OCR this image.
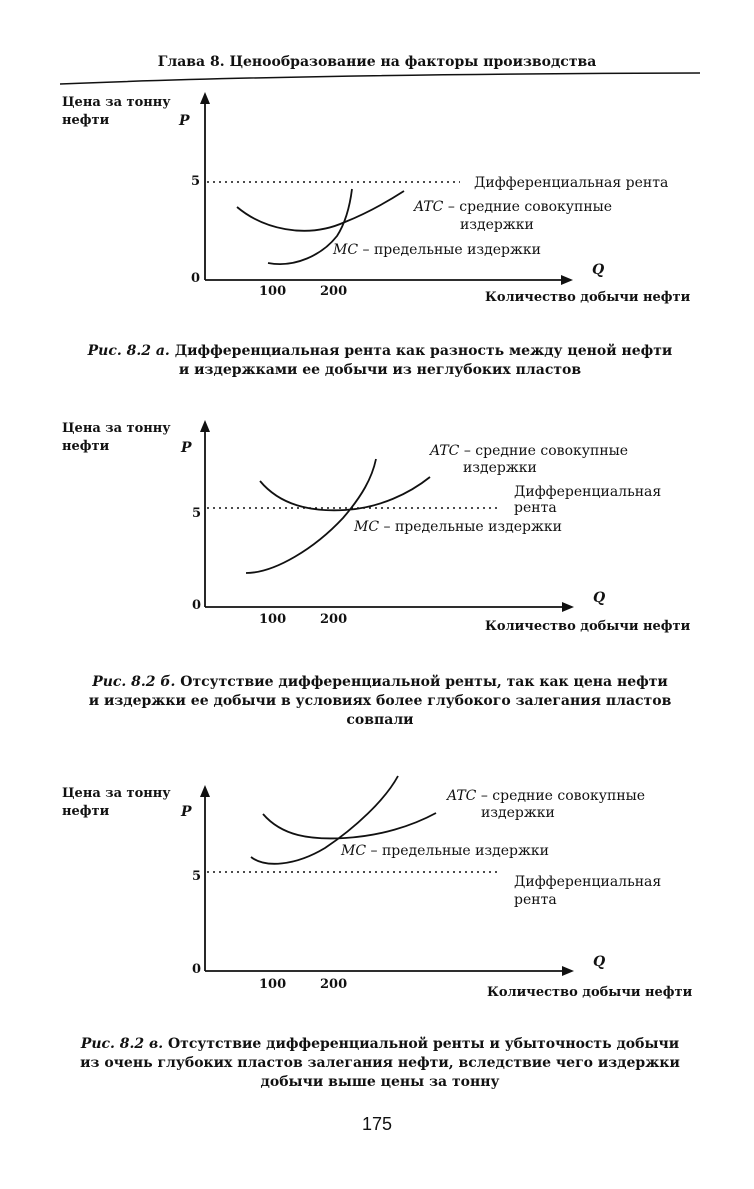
Глава 8. Ценообразование на факторы производства
Цена за тонну
нефти	P
5
0
100	200
Q
Количество добычи нефти
Дифференциальная рента
ATC – средние совокупные
издержки
MC – предельные издержки
Рис. 8.2 а. Дифференциальная рента как разность между ценой нефти
и издержками ее добычи из неглубоких пластов
Цена за тонну
нефти	P
5
0
100	200
Q
Количество добычи нефти
ATC – средние совокупные
издержки
Дифференциальная
рента
MC – предельные издержки
Рис. 8.2 б. Отсутствие дифференциальной ренты, так как цена нефти
и издержки ее добычи в условиях более глубокого залегания пластов
совпали
Цена за тонну
нефти	P
5
0
100	200
Q
Количество добычи нефти
ATC – средние совокупные
издержки
MC – предельные издержки
Дифференциальная
рента
Рис. 8.2 в. Отсутствие дифференциальной ренты и убыточность добычи
из очень глубоких пластов залегания нефти, вследствие чего издержки
добычи выше цены за тонну
175
